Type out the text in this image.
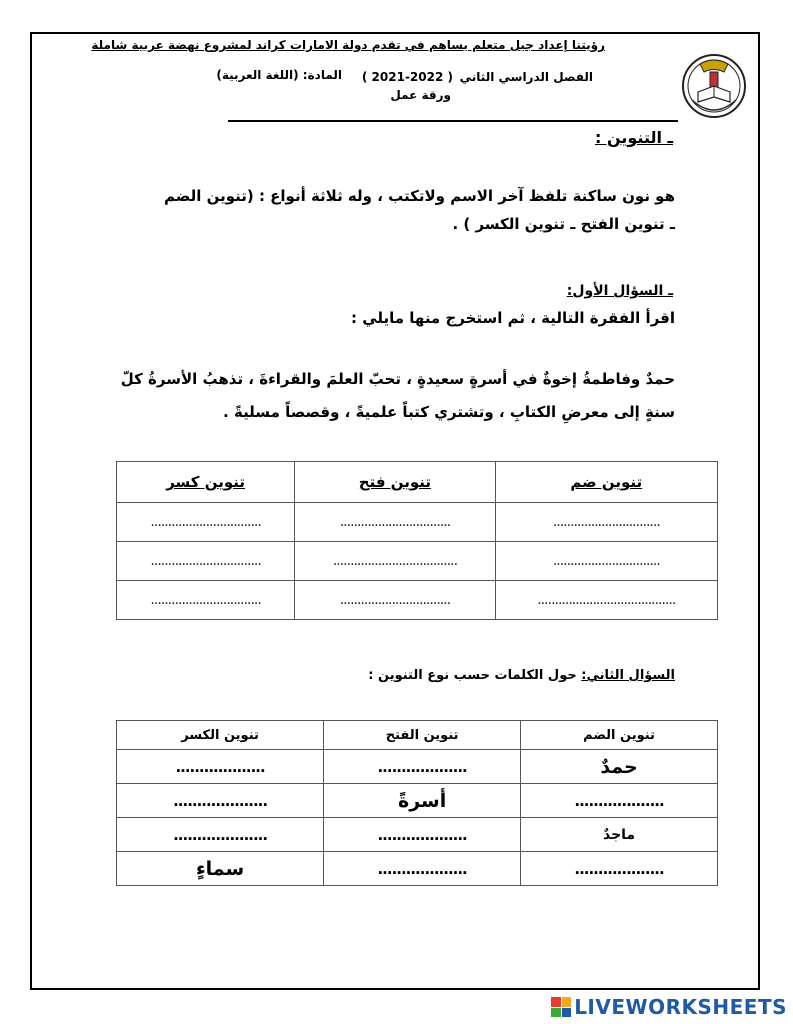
رؤيتنا إعداد جيل متعلم يساهم في تقدم دولة الامارات كراند لمشروع نهضة عربية شاملة
الفصل الدراسي الثاني
( 2021-2022 )
المادة: (اللغة العربية)
ورقة عمل
ـ التنوين :
هو نون ساكنة تلفظ آخر الاسم ولاتكتب ، وله ثلاثة أنواع : (تنوين الضم
ـ تنوين الفتح ـ تنوين الكسر ) .
ـ السؤال الأول:
اقرأ الفقرة التالية ، ثم استخرج منها مايلي :
حمدٌ وفاطمةُ إخوةٌ في أسرةٍ سعيدةٍ ، تحبّ العلمَ والقراءةَ ، تذهبُ الأسرةُ كلّ
سنةٍ إلى معرضِ الكتابِ ، وتشتري كتباً علميةً ، وقصصاً مسليةً .
تنوين ضم	تنوين فتح	تنوين كسر
...............................	................................	................................
...............................	....................................	................................
........................................	................................	................................
السؤال الثاني: حول الكلمات حسب نوع التنوين :
تنوين الضم	تنوين الفتح	تنوين الكسر
حمدٌ	...................	...................
...................	أسرةً	....................
ماجدٌ	...................	....................
...................	...................	سماءٍ
LIVEWORKSHEETS
